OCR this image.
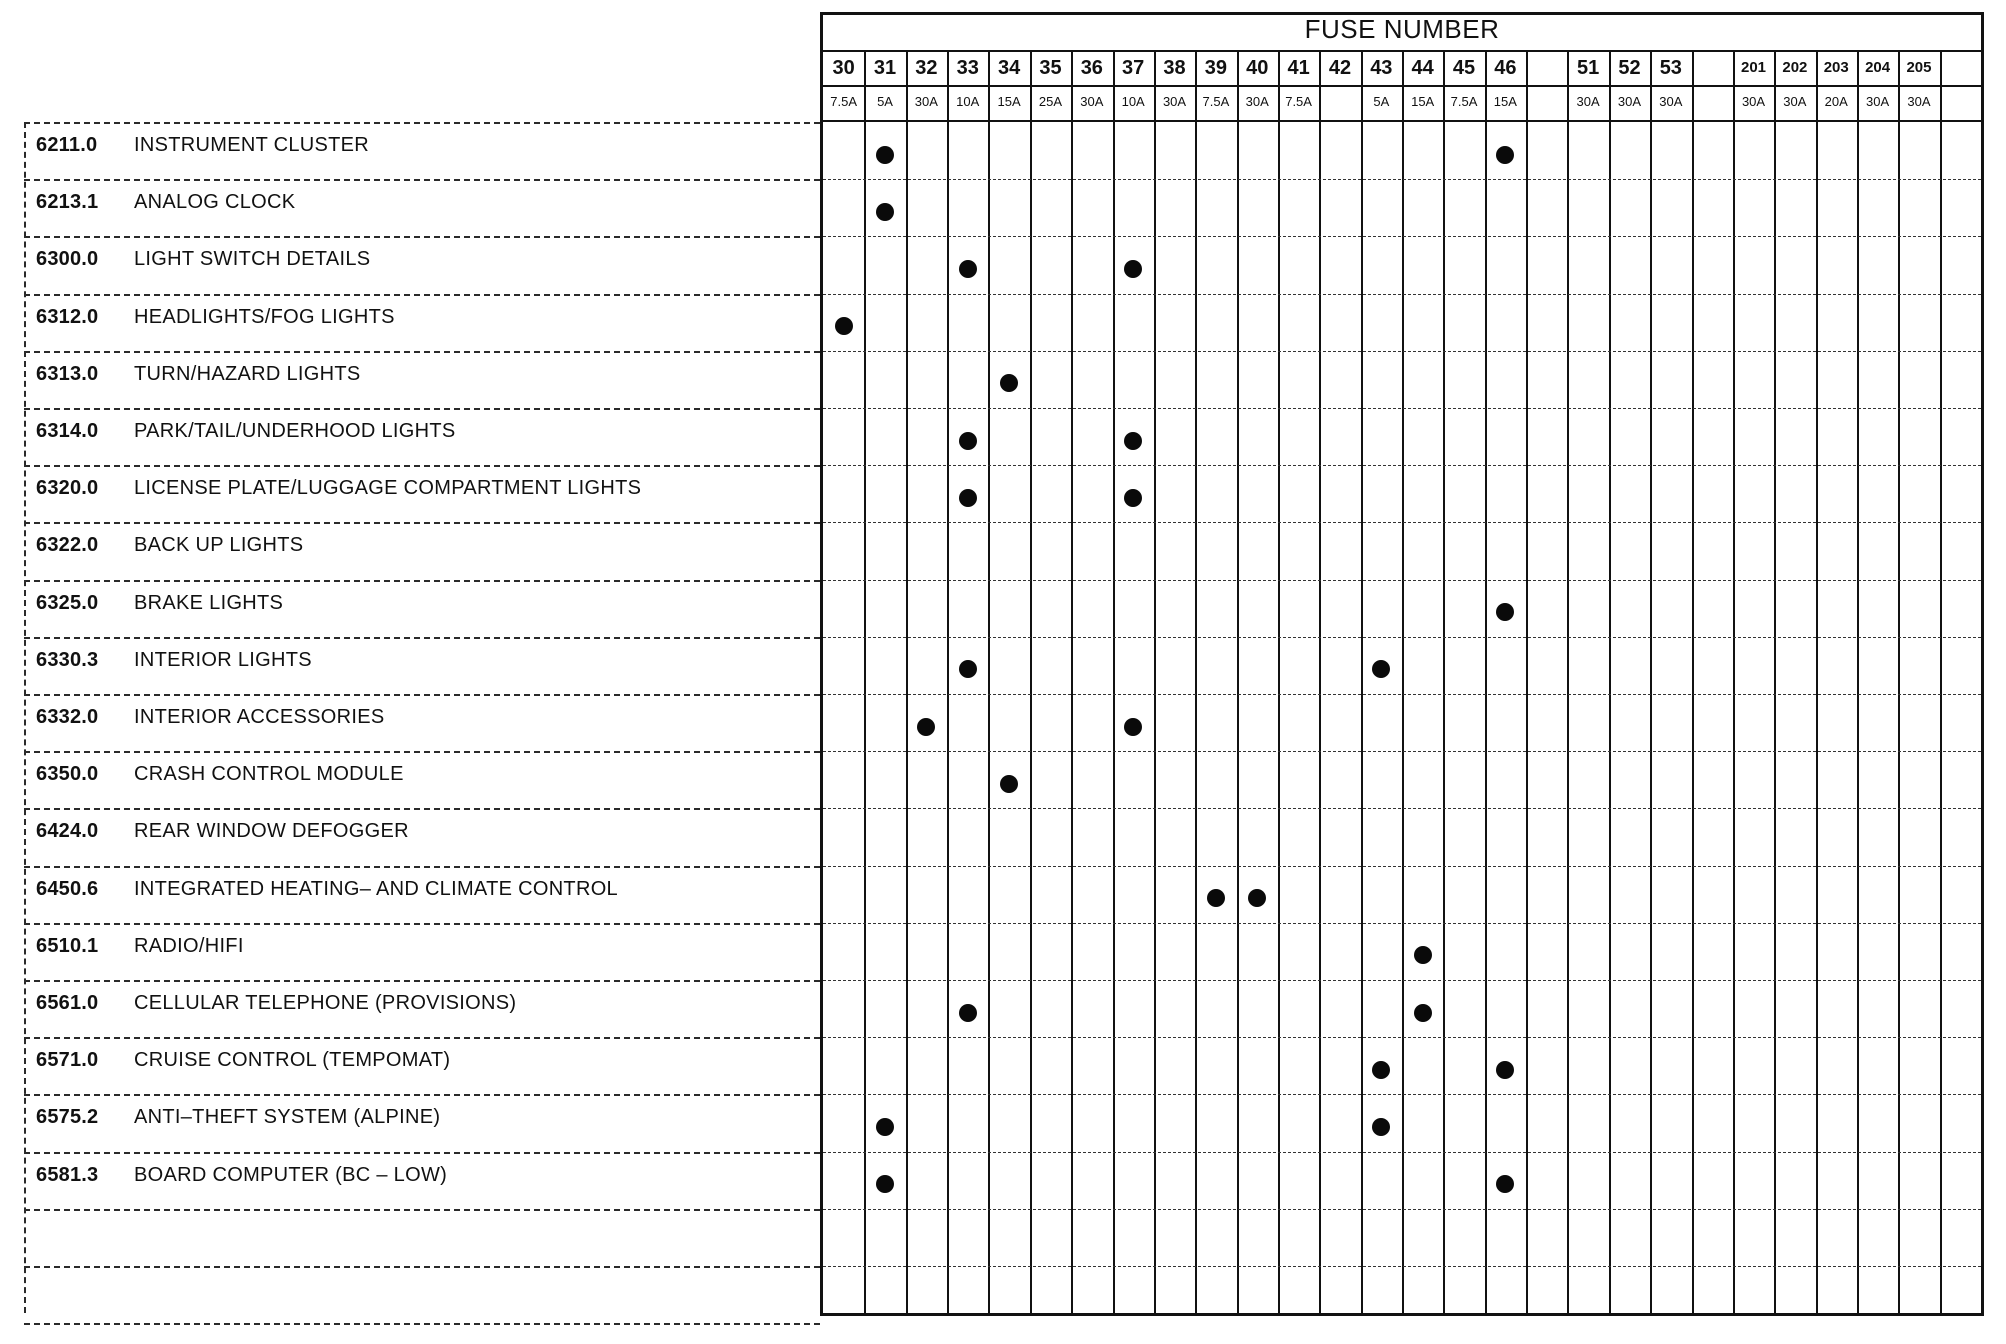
6211.0 INSTRUMENT CLUSTER
6213.1 ANALOG CLOCK
6300.0 LIGHT SWITCH DETAILS
6312.0 HEADLIGHTS/FOG LIGHTS
6313.0 TURN/HAZARD LIGHTS
6314.0 PARK/TAIL/UNDERHOOD LIGHTS
6320.0 LICENSE PLATE/LUGGAGE COMPARTMENT LIGHTS
6322.0 BACK UP LIGHTS
6325.0 BRAKE LIGHTS
6330.3 INTERIOR LIGHTS
6332.0 INTERIOR ACCESSORIES
6350.0 CRASH CONTROL MODULE
6424.0 REAR WINDOW DEFOGGER
6450.6 INTEGRATED HEATING– AND CLIMATE CONTROL
6510.1 RADIO/HIFI
6561.0 CELLULAR TELEPHONE (PROVISIONS)
6571.0 CRUISE CONTROL (TEMPOMAT)
6575.2 ANTI–THEFT SYSTEM (ALPINE)
6581.3 BOARD COMPUTER (BC – LOW)
FUSE NUMBER
30
7.5A
31
5A
32
30A
33
10A
34
15A
35
25A
36
30A
37
10A
38
30A
39
7.5A
40
30A
41
7.5A
42 43
5A
44
15A
45
7.5A
46
15A
51
30A
52
30A
53
30A
201
30A
202
30A
203
20A
204
30A
205
30A
